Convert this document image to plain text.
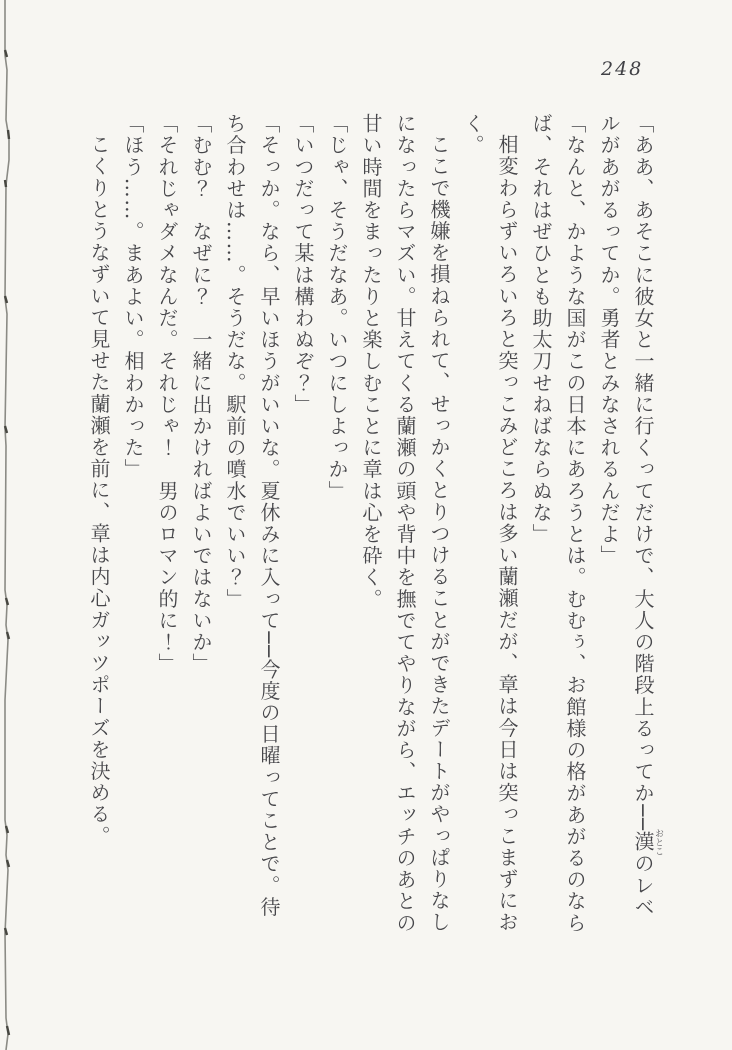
248

「ああ、あそこに彼女と一緒に行くってだけで、大人の階段上るってか──漢おとこのレベ

ルがあがるってか。勇者とみなされるんだよ」

「なんと、かような国がこの日本にあろうとは。むむぅ、お館様の格があがるのなら

ば、それはぜひとも助太刀せねばならぬな」

相変わらずいろいろと突っこみどころは多い蘭瀬だが、章は今日は突っこまずにお

く。

ここで機嫌を損ねられて、せっかくとりつけることができたデートがやっぱりなし

になったらマズい。甘えてくる蘭瀬の頭や背中を撫でてやりながら、エッチのあとの

甘い時間をまったりと楽しむことに章は心を砕く。

「じゃ、そうだなあ。いつにしよっか」

「いつだって某は構わぬぞ？」

「そっか。なら、早いほうがいいな。夏休みに入って──今度の日曜ってことで。待

ち合わせは……。そうだな。駅前の噴水でいい？」

「むむ？　なぜに？　一緒に出かければよいではないか」

「それじゃダメなんだ。それじゃ！　男のロマン的に！」

「ほう……。まあよい。相わかった」

こくりとうなずいて見せた蘭瀬を前に、章は内心ガッツポーズを決める。
